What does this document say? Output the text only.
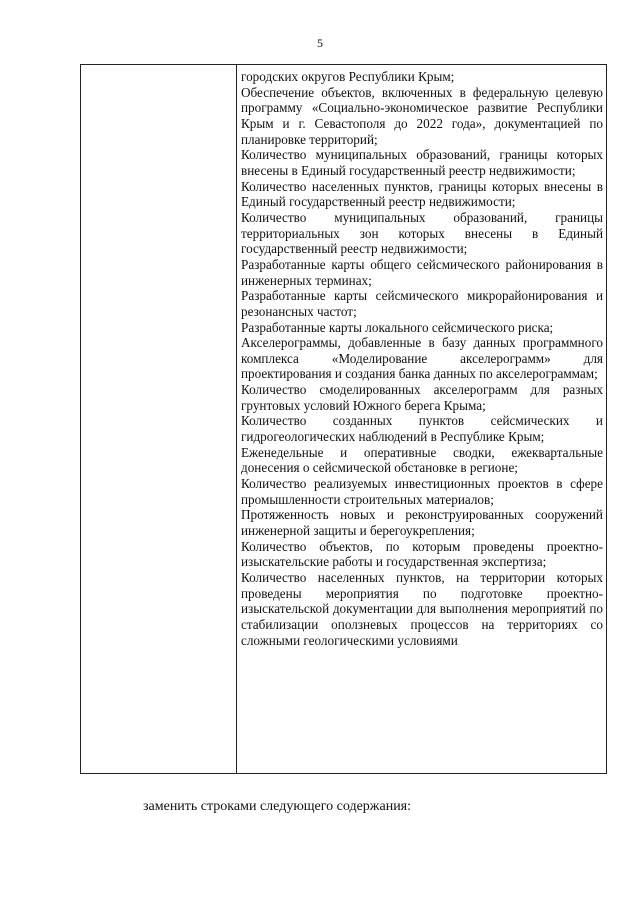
5
городских округов Республики Крым;
Обеспечение объектов, включенных в федеральную целевую программу «Социально-экономическое развитие Республики Крым и г. Севастополя до 2022 года», документацией по планировке территорий;
Количество муниципальных образований, границы которых внесены в Единый государственный реестр недвижимости;
Количество населенных пунктов, границы которых внесены в Единый государственный реестр недвижимости;
Количество муниципальных образований, границы территориальных зон которых внесены в Единый государственный реестр недвижимости;
Разработанные карты общего сейсмического районирования в инженерных терминах;
Разработанные карты сейсмического микрорайонирования и резонансных частот;
Разработанные карты локального сейсмического риска;
Акселерограммы, добавленные в базу данных программного комплекса «Моделирование акселерограмм» для проектирования и создания банка данных по акселерограммам;
Количество смоделированных акселерограмм для разных грунтовых условий Южного берега Крыма;
Количество созданных пунктов сейсмических и гидрогеологических наблюдений в Республике Крым;
Еженедельные и оперативные сводки, ежеквартальные донесения о сейсмической обстановке в регионе;
Количество реализуемых инвестиционных проектов в сфере промышленности строительных материалов;
Протяженность новых и реконструированных сооружений инженерной защиты и берегоукрепления;
Количество объектов, по которым проведены проектно-изыскательские работы и государственная экспертиза;
Количество населенных пунктов, на территории которых проведены мероприятия по подготовке проектно-изыскательской документации для выполнения мероприятий по стабилизации оползневых процессов на территориях со сложными геологическими условиями
заменить строками следующего содержания:
